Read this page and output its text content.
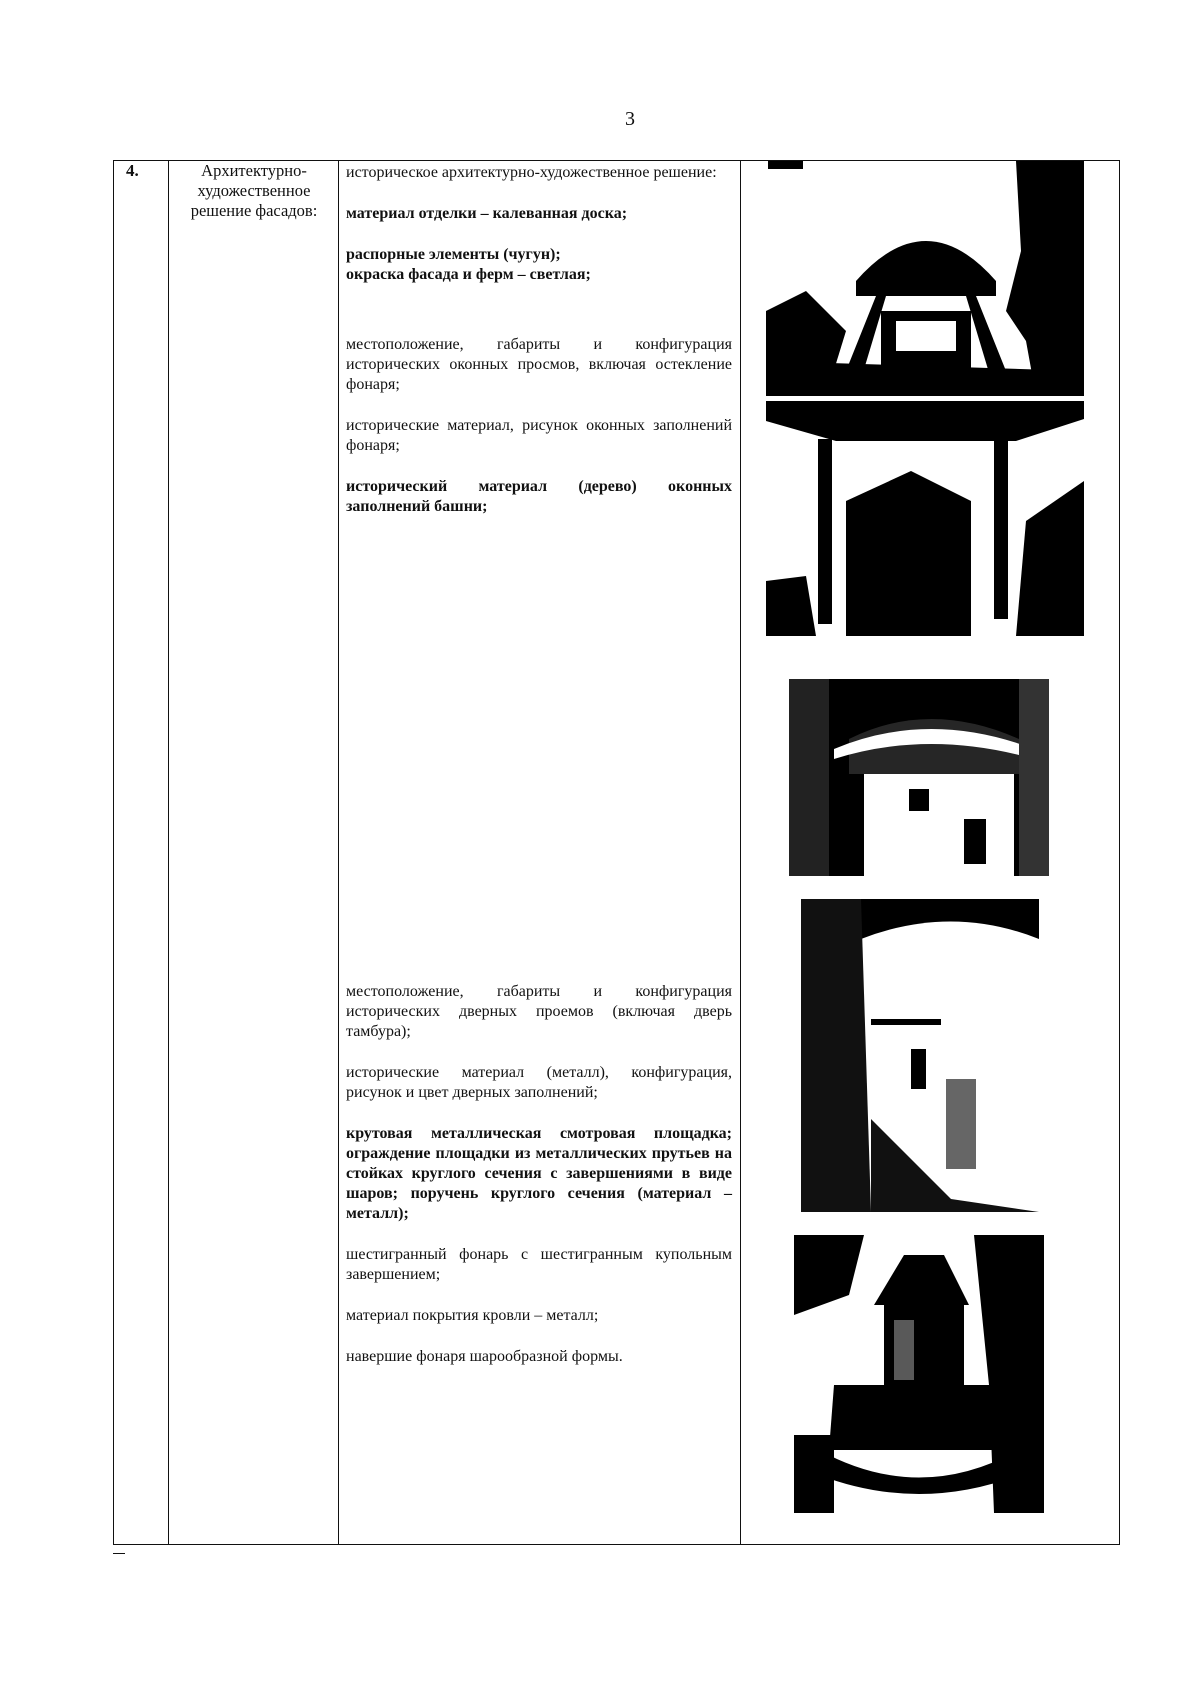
3
4.	Архитектурно-
художественное
решение фасадов:

историческое архитектурно-художественное решение:

материал отделки – калеванная доска;

распорные элементы (чугун);
окраска фасада и ферм – светлая;

местоположение, габариты и конфигурация исторических оконных просмов, включая остекление фонаря;

исторические материал, рисунок оконных заполнений фонаря;

исторический материал (дерево) оконных заполнений башни;

местоположение, габариты и конфигурация исторических дверных проемов (включая дверь тамбура);

исторические материал (металл), конфигурация, рисунок и цвет дверных заполнений;

крутовая металлическая смотровая площадка; ограждение площадки из металлических прутьев на стойках круглого сечения с завершениями в виде шаров; поручень круглого сечения (материал – металл);

шестигранный фонарь с шестигранным купольным завершением;

материал покрытия кровли – металл;

навершие фонаря шарообразной формы.
